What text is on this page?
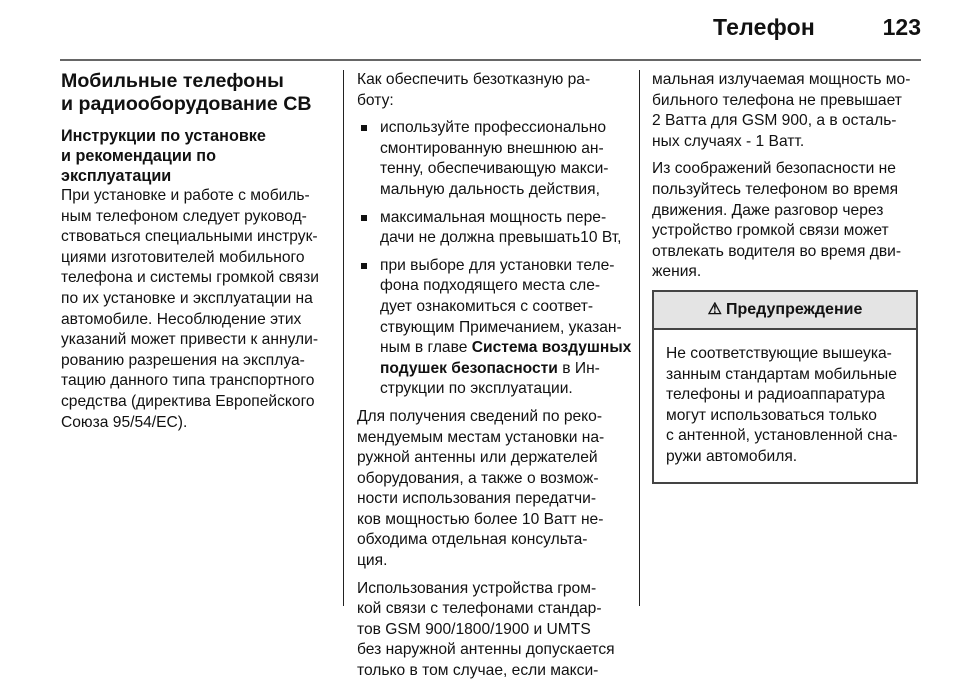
Телефон	123
Мобильные телефоны
и радиооборудование CB
Инструкции по установке
и рекомендации по
эксплуатации
При установке и работе с мобиль-
ным телефоном следует руковод-
ствоваться специальными инструк-
циями изготовителей мобильного
телефона и системы громкой связи
по их установке и эксплуатации на
автомобиле. Несоблюдение этих
указаний может привести к аннули-
рованию разрешения на эксплуа-
тацию данного типа транспортного
средства (директива Европейского
Союза 95/54/ЕС).
Как обеспечить безотказную ра-
боту:
используйте профессионально
смонтированную внешнюю ан-
тенну, обеспечивающую макси-
мальную дальность действия,
максимальная мощность пере-
дачи не должна превышать10 Вт,
при выборе для установки теле-
фона подходящего места сле-
дует ознакомиться с соответ-
ствующим Примечанием, указан-
ным в главе Система воздушных
подушек безопасности в Ин-
струкции по эксплуатации.
Для получения сведений по реко-
мендуемым местам установки на-
ружной антенны или держателей
оборудования, а также о возмож-
ности использования передатчи-
ков мощностью более 10 Ватт не-
обходима отдельная консульта-
ция.
Использования устройства гром-
кой связи с телефонами стандар-
тов GSM 900/1800/1900 и UMTS
без наружной антенны допускается
только в том случае, если макси-
мальная излучаемая мощность мо-
бильного телефона не превышает
2 Ватта для GSM 900, а в осталь-
ных случаях - 1 Ватт.
Из соображений безопасности не
пользуйтесь телефоном во время
движения. Даже разговор через
устройство громкой связи может
отвлекать водителя во время дви-
жения.
⚠ Предупреждение
Не соответствующие вышеука-
занным стандартам мобильные
телефоны и радиоаппаратура
могут использоваться только
с антенной, установленной сна-
ружи автомобиля.
